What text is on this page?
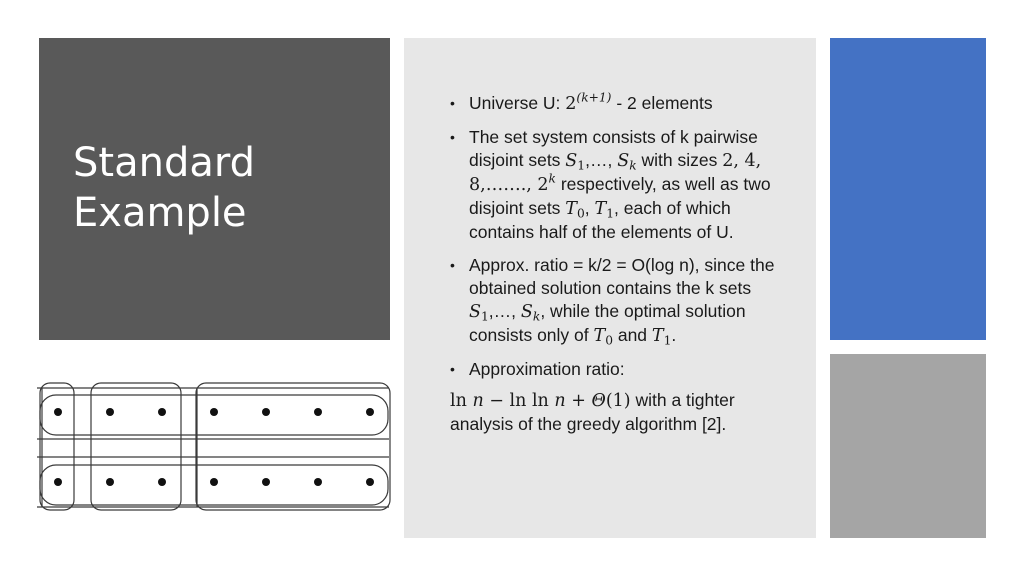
Standard
Example
• Universe U: $2^{(k+1)} - 2$ elements
• The set system consists of k pairwise disjoint sets $S_1,\dots$, $S_k$ with sizes 2, 4, 8,……., 2$^k$ respectively, as well as two disjoint sets $T_0$, $T_1$, each of which contains half of the elements of U.
• Approx. ratio = k/2 = O(log n), since the obtained solution contains the k sets $S_1,\dots$, $S_k$, while the optimal solution consists only of $T_0$ and $T_1$.
• Approximation ratio:
ln n − ln ln n + Θ(1) with a tighter analysis of the greedy algorithm [2].
